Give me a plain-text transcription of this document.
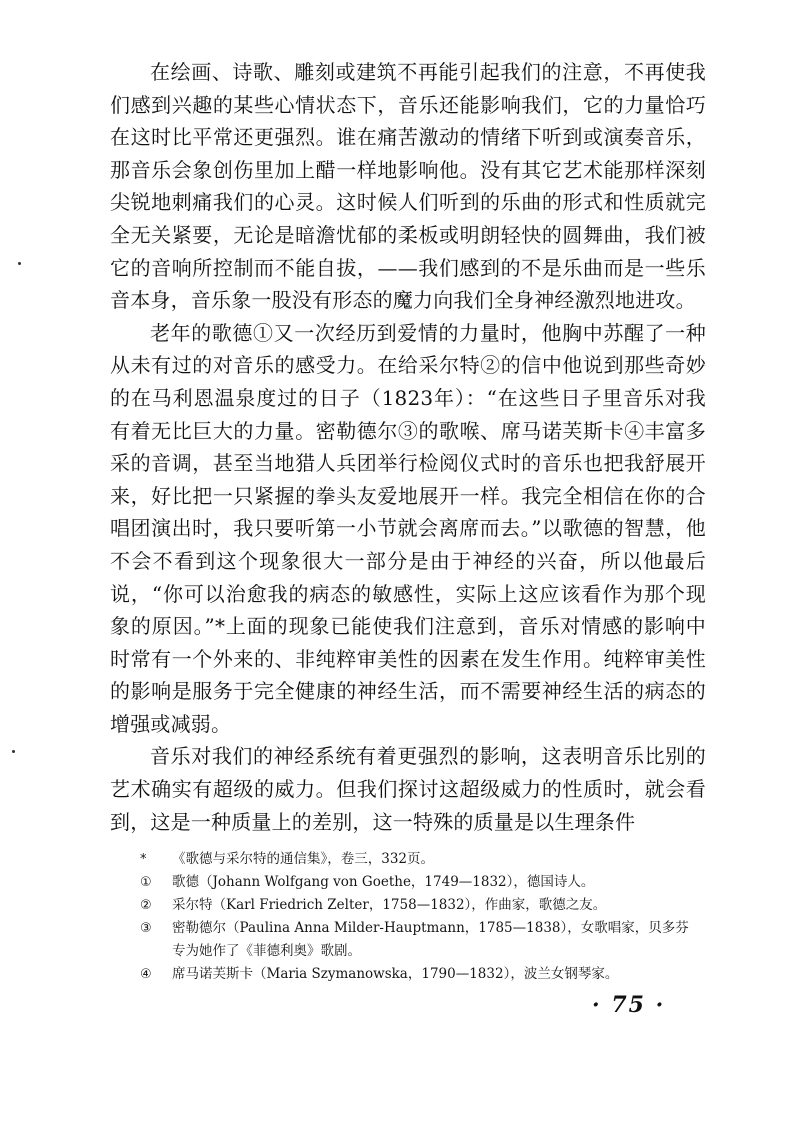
在绘画、诗歌、雕刻或建筑不再能引起我们的注意，不再使我们感到兴趣的某些心情状态下，音乐还能影响我们，它的力量恰巧在这时比平常还更强烈。谁在痛苦激动的情绪下听到或演奏音乐，那音乐会象创伤里加上醋一样地影响他。没有其它艺术能那样深刻尖锐地刺痛我们的心灵。这时候人们听到的乐曲的形式和性质就完全无关紧要，无论是暗澹忧郁的柔板或明朗轻快的圆舞曲，我们被它的音响所控制而不能自拔，——我们感到的不是乐曲而是一些乐音本身，音乐象一股没有形态的魔力向我们全身神经激烈地进攻。

老年的歌德①又一次经历到爱情的力量时，他胸中苏醒了一种从未有过的对音乐的感受力。在给采尔特②的信中他说到那些奇妙的在马利恩温泉度过的日子（1823年）：“在这些日子里音乐对我有着无比巨大的力量。密勒德尔③的歌喉、席马诺芙斯卡④丰富多采的音调，甚至当地猎人兵团举行检阅仪式时的音乐也把我舒展开来，好比把一只紧握的拳头友爱地展开一样。我完全相信在你的合唱团演出时，我只要听第一小节就会离席而去。”以歌德的智慧，他不会不看到这个现象很大一部分是由于神经的兴奋，所以他最后说，“你可以治愈我的病态的敏感性，实际上这应该看作为那个现象的原因。”*上面的现象已能使我们注意到，音乐对情感的影响中时常有一个外来的、非纯粹审美性的因素在发生作用。纯粹审美性的影响是服务于完全健康的神经生活，而不需要神经生活的病态的增强或减弱。

音乐对我们的神经系统有着更强烈的影响，这表明音乐比别的艺术确实有超级的威力。但我们探讨这超级威力的性质时，就会看到，这是一种质量上的差别，这一特殊的质量是以生理条件

*	《歌德与采尔特的通信集》，卷三，332页。
①	歌德（Johann Wolfgang von Goethe，1749—1832），德国诗人。
②	采尔特（Karl Friedrich Zelter，1758—1832），作曲家，歌德之友。
③	密勒德尔（Paulina Anna Milder-Hauptmann，1785—1838），女歌唱家，贝多芬专为她作了《菲德利奥》歌剧。
④	席马诺芙斯卡（Maria Szymanowska，1790—1832），波兰女钢琴家。
· 75 ·
